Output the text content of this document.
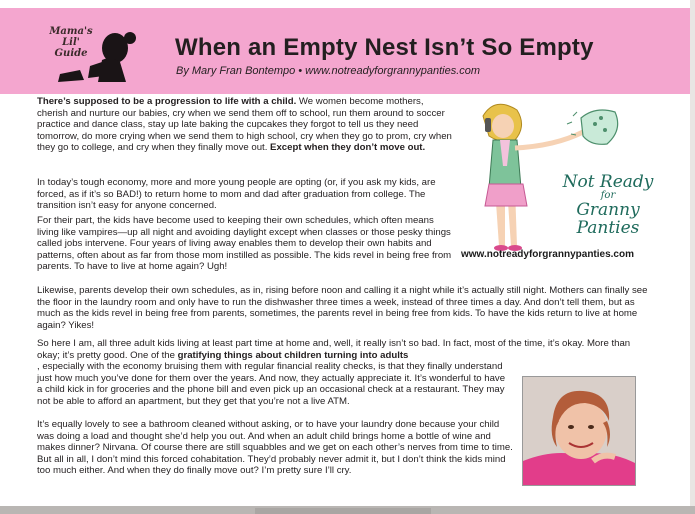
Mama's
Lil' Guide	When an Empty Nest Isn’t So Empty
By Mary Fran Bontempo • www.notreadyforgrannypanties.com
There’s supposed to be a progression to life with a child. We women become mothers, cherish and nurture our babies, cry when we send them off to school, run them around to soccer practice and dance class, stay up late baking the cupcakes they forgot to tell us they need tomorrow, do more crying when we send them to high school, cry when they go to prom, cry when they go to college, and cry when they finally move out. Except when they don’t move out.
In today’s tough economy, more and more young people are opting (or, if you ask my kids, are forced, as if it’s so BAD!) to return home to mom and dad after graduation from college. The transition isn’t easy for anyone concerned.
For their part, the kids have become used to keeping their own schedules, which often means living like vampires—up all night and avoiding daylight except when classes or those pesky things called jobs intervene. Four years of living away enables them to develop their own habits and patterns, often about as far from those mom instilled as possible. The kids revel in being free from parents. To have to live at home again? Ugh!
Likewise, parents develop their own schedules, as in, rising before noon and calling it a night while it’s actually still night. Mothers can finally see the floor in the laundry room and only have to run the dishwasher three times a week, instead of three times a day. And don’t tell them, but as much as the kids revel in being free from parents, sometimes, the parents revel in being free from kids. To have the kids return to live at home again? Yikes!
So here I am, all three adult kids living at least part time at home and, well, it really isn’t so bad. In fact, most of the time, it’s okay. More than okay; it’s pretty good. One of the gratifying things about children turning into adults
, especially with the economy bruising them with regular financial reality checks, is that they finally understand just how much you’ve done for them over the years. And now, they actually appreciate it. It’s wonderful to have a child kick in for groceries and the phone bill and even pick up an occasional check at a restaurant. They may not be able to afford an apartment, but they get that you’re not a live ATM.
It’s equally lovely to see a bathroom cleaned without asking, or to have your laundry done because your child was doing a load and thought she’d help you out. And when an adult child brings home a bottle of wine and makes dinner? Nirvana. Of course there are still squabbles and we get on each other’s nerves from time to time. But all in all, I don’t mind this forced cohabitation. They’d probably never admit it, but I don’t think the kids mind too much either. And when they do finally move out? I’m pretty sure I’ll cry.
Not Ready
for
Granny
Panties
www.notreadyforgrannypanties.com
